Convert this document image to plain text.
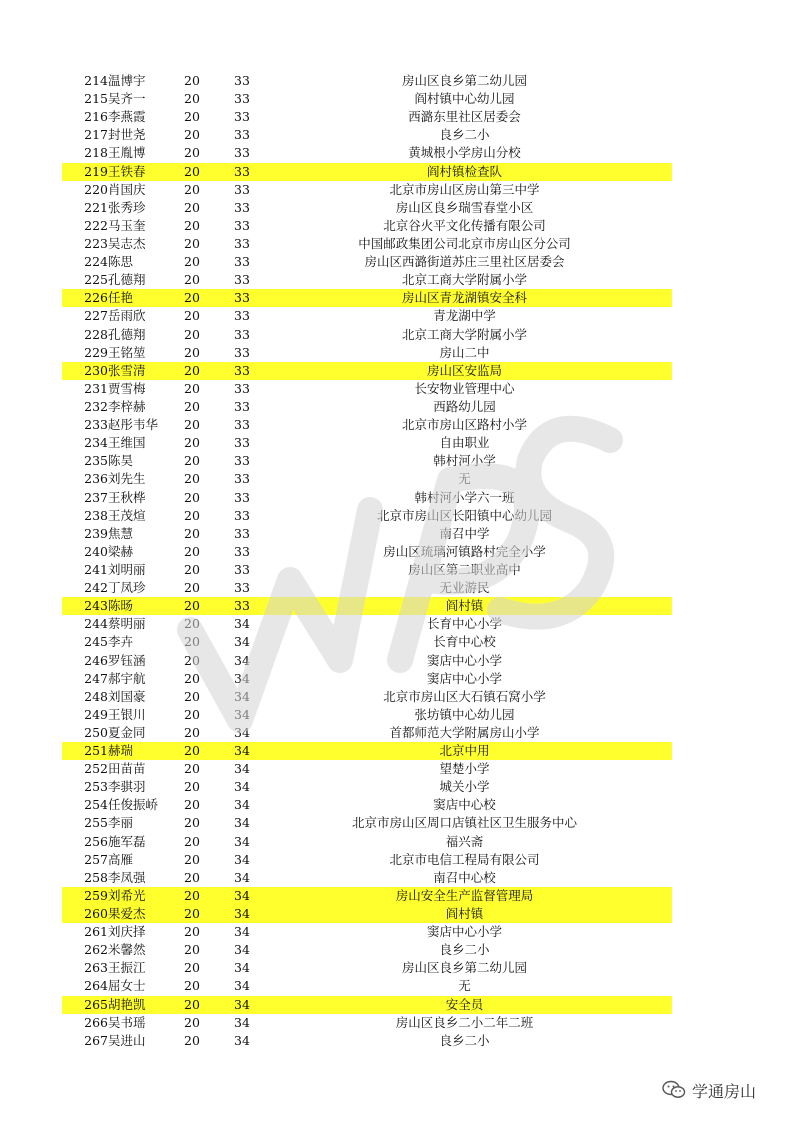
214 温博宇	20	33	房山区良乡第二幼儿园
215 吴齐一	20	33	阎村镇中心幼儿园
216 李燕霞	20	33	西潞东里社区居委会
217 封世尧	20	33	良乡二小
218 王胤博	20	33	黄城根小学房山分校
219 王铁春	20	33	阎村镇检查队
220 肖国庆	20	33	北京市房山区房山第三中学
221 张秀珍	20	33	房山区良乡瑞雪春堂小区
222 马玉奎	20	33	北京谷火平文化传播有限公司
223 吴志杰	20	33	中国邮政集团公司北京市房山区分公司
224 陈思	20	33	房山区西潞街道苏庄三里社区居委会
225 孔德翔	20	33	北京工商大学附属小学
226 任艳	20	33	房山区青龙湖镇安全科
227 岳雨欣	20	33	青龙湖中学
228 孔德翔	20	33	北京工商大学附属小学
229 王铭堃	20	33	房山二中
230 张雪清	20	33	房山区安监局
231 贾雪梅	20	33	长安物业管理中心
232 李梓赫	20	33	西路幼儿园
233 赵彤韦华	20	33	北京市房山区路村小学
234 王维国	20	33	自由职业
235 陈昊	20	33	韩村河小学
236 刘先生	20	33	无
237 王秋桦	20	33	韩村河小学六一班
238 王茂煊	20	33	北京市房山区长阳镇中心幼儿园
239 焦慧	20	33	南召中学
240 梁赫	20	33	房山区琉璃河镇路村完全小学
241 刘明丽	20	33	房山区第二职业高中
242 丁凤珍	20	33	无业游民
243 陈旸	20	33	阎村镇
244 蔡明丽	20	34	长育中心小学
245 李卉	20	34	长育中心校
246 罗钰涵	20	34	窦店中心小学
247 郝宇航	20	34	窦店中心小学
248 刘国豪	20	34	北京市房山区大石镇石窝小学
249 王银川	20	34	张坊镇中心幼儿园
250 夏金同	20	34	首都师范大学附属房山小学
251 赫瑞	20	34	北京中用
252 田苗苗	20	34	望楚小学
253 李骐羽	20	34	城关小学
254 任俊振峤	20	34	窦店中心校
255 李丽	20	34	北京市房山区周口店镇社区卫生服务中心
256 施军磊	20	34	福兴斋
257 高雁	20	34	北京市电信工程局有限公司
258 李凤强	20	34	南召中心校
259 刘希光	20	34	房山安全生产监督管理局
260 果爱杰	20	34	阎村镇
261 刘庆择	20	34	窦店中心小学
262 米馨然	20	34	良乡二小
263 王振江	20	34	房山区良乡第二幼儿园
264 屈女士	20	34	无
265 胡艳凯	20	34	安全员
266 吴书瑶	20	34	房山区良乡二小二年二班
267 吴进山	20	34	良乡二小
学通房山
